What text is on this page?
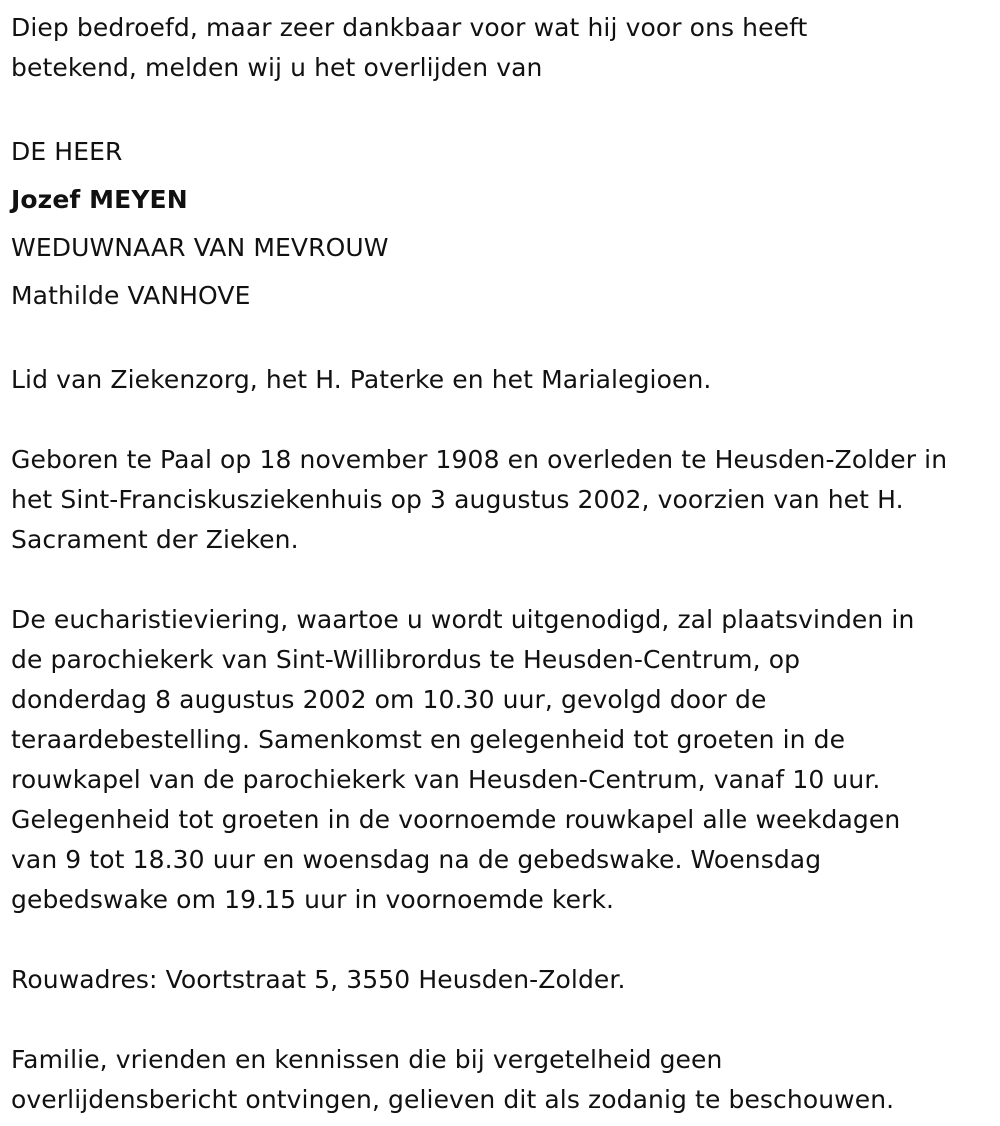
Diep bedroefd, maar zeer dankbaar voor wat hij voor ons heeft
betekend, melden wij u het overlijden van

DE HEER

Jozef MEYEN

WEDUWNAAR VAN MEVROUW

Mathilde VANHOVE

Lid van Ziekenzorg, het H. Paterke en het Marialegioen.

Geboren te Paal op 18 november 1908 en overleden te Heusden-Zolder in
het Sint-Franciskusziekenhuis op 3 augustus 2002, voorzien van het H.
Sacrament der Zieken.

De eucharistieviering, waartoe u wordt uitgenodigd, zal plaatsvinden in
de parochiekerk van Sint-Willibrordus te Heusden-Centrum, op
donderdag 8 augustus 2002 om 10.30 uur, gevolgd door de
teraardebestelling. Samenkomst en gelegenheid tot groeten in de
rouwkapel van de parochiekerk van Heusden-Centrum, vanaf 10 uur.
Gelegenheid tot groeten in de voornoemde rouwkapel alle weekdagen
van 9 tot 18.30 uur en woensdag na de gebedswake. Woensdag
gebedswake om 19.15 uur in voornoemde kerk.

Rouwadres: Voortstraat 5, 3550 Heusden-Zolder.

Familie, vrienden en kennissen die bij vergetelheid geen
overlijdensbericht ontvingen, gelieven dit als zodanig te beschouwen.
